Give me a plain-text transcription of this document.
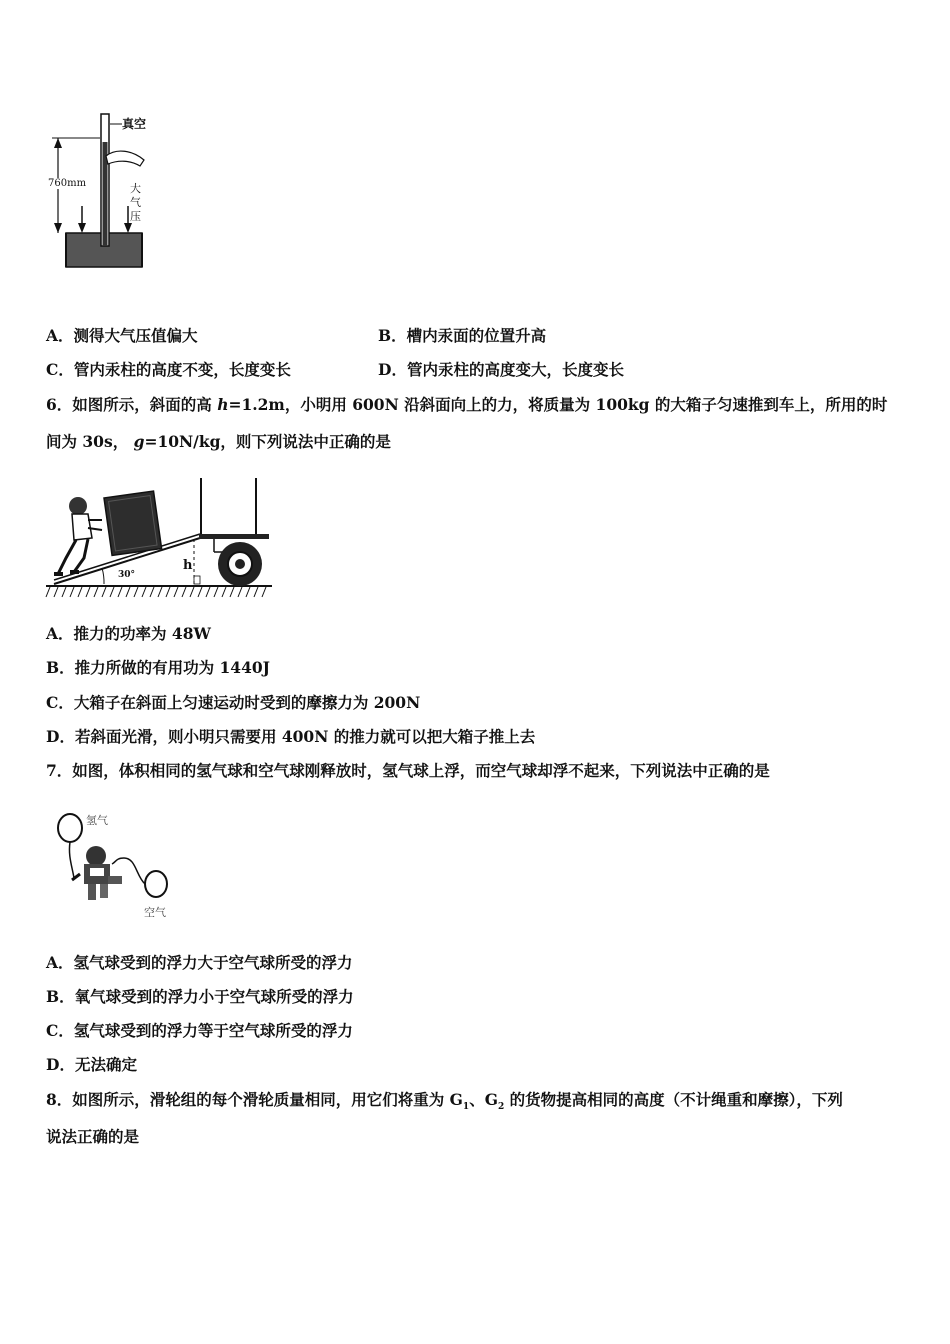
真空
760mm	大
气
压
A．测得大气压值偏大	B．槽内汞面的位置升高
C．管内汞柱的高度不变，长度变长	D．管内汞柱的高度变大，长度变长
6．如图所示，斜面的高 h=1.2m，小明用 600N 沿斜面向上的力，将质量为 100kg 的大箱子匀速推到车上，所用的时
间为 30s， g=10N/kg，则下列说法中正确的是
30°
h
A．推力的功率为 48W
B．推力所做的有用功为 1440J
C．大箱子在斜面上匀速运动时受到的摩擦力为 200N
D．若斜面光滑，则小明只需要用 400N 的推力就可以把大箱子推上去
7．如图，体积相同的氢气球和空气球刚释放时，氢气球上浮，而空气球却浮不起来，下列说法中正确的是
氢气
空气
A．氢气球受到的浮力大于空气球所受的浮力
B．氧气球受到的浮力小于空气球所受的浮力
C．氢气球受到的浮力等于空气球所受的浮力
D．无法确定
8．如图所示，滑轮组的每个滑轮质量相同，用它们将重为 $G_1$、$G_2$ 的货物提高相同的高度（不计绳重和摩擦），下列
说法正确的是
